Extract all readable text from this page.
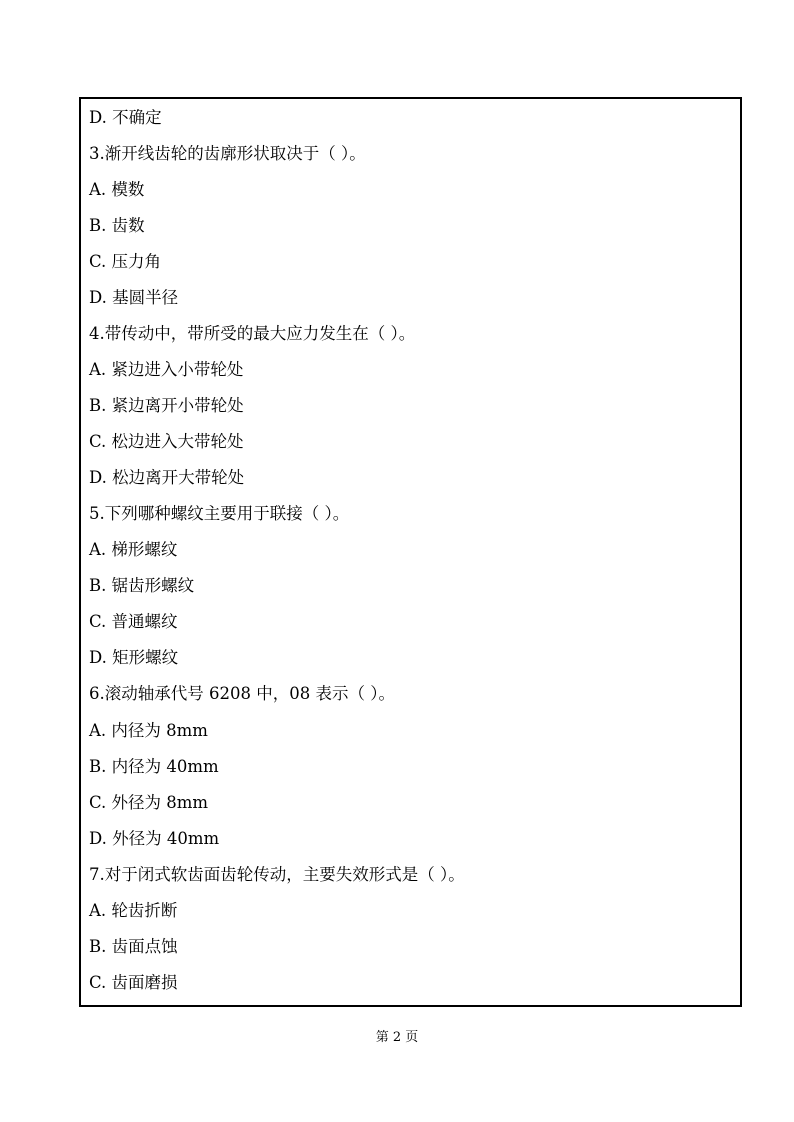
D. 不确定
3.渐开线齿轮的齿廓形状取决于（ ）。
A. 模数
B. 齿数
C. 压力角
D. 基圆半径
4.带传动中，带所受的最大应力发生在（ ）。
A. 紧边进入小带轮处
B. 紧边离开小带轮处
C. 松边进入大带轮处
D. 松边离开大带轮处
5.下列哪种螺纹主要用于联接（ ）。
A. 梯形螺纹
B. 锯齿形螺纹
C. 普通螺纹
D. 矩形螺纹
6.滚动轴承代号 6208 中，08 表示（ ）。
A. 内径为 8mm
B. 内径为 40mm
C. 外径为 8mm
D. 外径为 40mm
7.对于闭式软齿面齿轮传动，主要失效形式是（ ）。
A. 轮齿折断
B. 齿面点蚀
C. 齿面磨损
第 2 页
